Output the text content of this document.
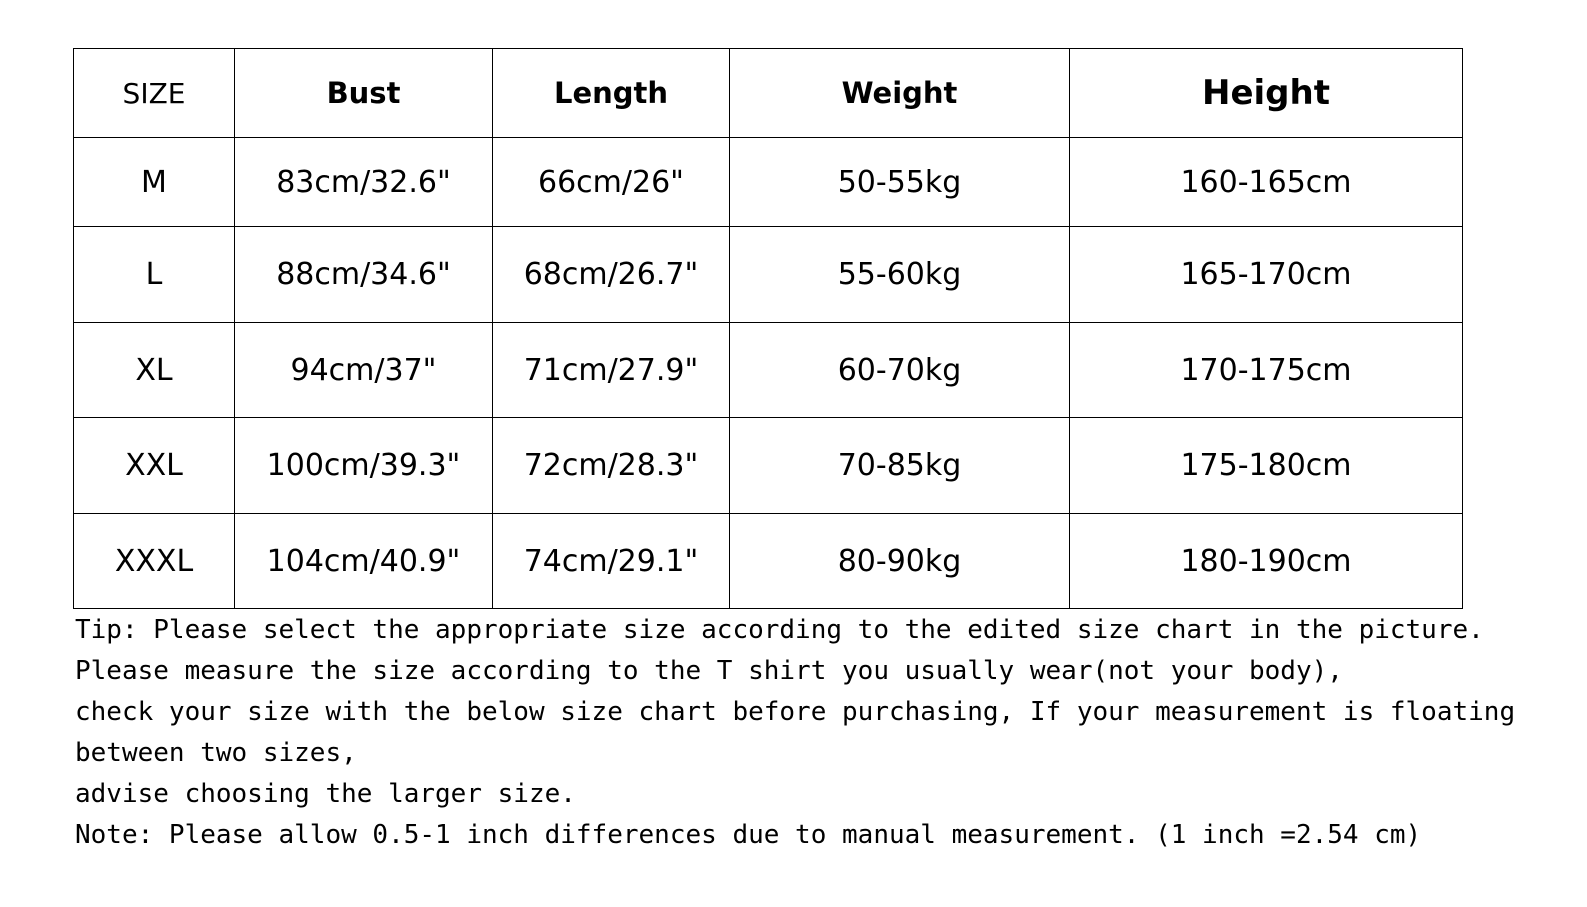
SIZE	Bust	Length	Weight	Height
M	83cm/32.6"	66cm/26"	50-55kg	160-165cm
L	88cm/34.6"	68cm/26.7"	55-60kg	165-170cm
XL	94cm/37"	71cm/27.9"	60-70kg	170-175cm
XXL	100cm/39.3"	72cm/28.3"	70-85kg	175-180cm
XXXL	104cm/40.9"	74cm/29.1"	80-90kg	180-190cm
Tip: Please select the appropriate size according to the edited size chart in the picture.
Please measure the size according to the T shirt you usually wear(not your body),
check your size with the below size chart before purchasing, If your measurement is floating
between two sizes,
advise choosing the larger size.
Note: Please allow 0.5-1 inch differences due to manual measurement. (1 inch =2.54 cm)
